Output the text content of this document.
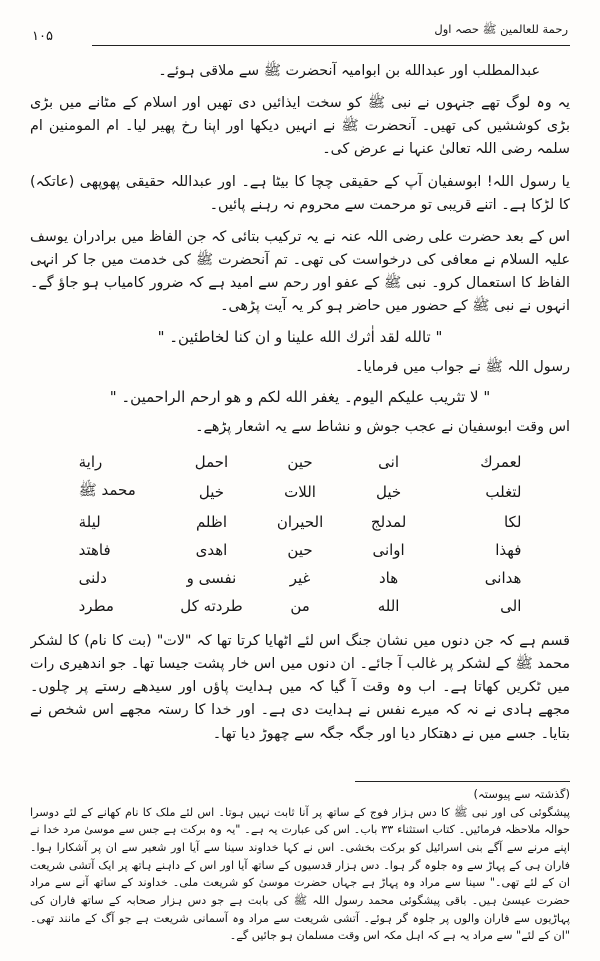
رحمة للعالمين ﷺ حصہ اول
۱۰۵

عبدالمطلب اور عبدالله بن ابوامیہ آنحضرت ﷺ سے ملاقی ہوئے۔

یہ وہ لوگ تھے جنہوں نے نبی ﷺ کو سخت ایذائیں دی تھیں اور اسلام کے مٹانے میں بڑی بڑی کوششیں کی تھیں۔ آنحضرت ﷺ نے انہیں دیکھا اور اپنا رخ پھیر لیا۔ ام المومنین ام سلمہ رضی اللہ تعالیٰ عنہا نے عرض کی۔

یا رسول اللہ! ابوسفیان آپ کے حقیقی چچا کا بیٹا ہے۔ اور عبداللہ حقیقی پھوپھی (عاتکہ) کا لڑکا ہے۔ اتنے قریبی تو مرحمت سے محروم نہ رہنے پائیں۔

اس کے بعد حضرت علی رضی اللہ عنہ نے یہ ترکیب بتائی کہ جن الفاظ میں برادران یوسف علیہ السلام نے معافی کی درخواست کی تھی۔ تم آنحضرت ﷺ کی خدمت میں جا کر انہی الفاظ کا استعمال کرو۔ نبی ﷺ کے عفو اور رحم سے امید ہے کہ ضرور کامیاب ہو جاؤ گے۔ انہوں نے نبی ﷺ کے حضور میں حاضر ہو کر یہ آیت پڑھی۔

" تالله لقد اٰثرك الله علينا و ان كنا لخاطئين۔ "

رسول اللہ ﷺ نے جواب میں فرمایا۔

" لا تثريب عليكم اليوم۔ يغفر الله لكم و هو ارحم الراحمين۔ "

اس وقت ابوسفیان نے عجب جوش و نشاط سے یہ اشعار پڑھے۔

لعمرك	انی	حین	احمل	رایة
لتغلب	خیل	اللات	خیل	محمد ﷺ
لكا	لمدلج	الحيران	اظلم	لیلة
فهذا	اوانی	حین	اهدی	فاهتد
هدانی	هاد	غیر	نفسی و	دلنی
الی	الله	من	طردته كل	مطرد

قسم ہے کہ جن دنوں میں نشان جنگ اس لئے اٹھایا کرتا تھا کہ "لات" (بت کا نام) کا لشکر محمد ﷺ کے لشکر پر غالب آ جائے۔ ان دنوں میں اس خار پشت جیسا تھا۔ جو اندھیری رات میں ٹکریں کھاتا ہے۔ اب وہ وقت آ گیا کہ میں ہدایت پاؤں اور سیدھے رستے پر چلوں۔ مجھے ہادی نے نہ کہ میرے نفس نے ہدایت دی ہے۔ اور خدا کا رستہ مجھے اس شخص نے بتایا۔ جسے میں نے دھتکار دیا اور جگہ جگہ سے چھوڑ دیا تھا۔

(گذشتہ سے پیوستہ)

پیشگوئی کی اور نبی ﷺ کا دس ہزار فوج کے ساتھ پر آنا ثابت نہیں ہوتا۔ اس لئے ملک کا نام کھانے کے لئے دوسرا حوالہ ملاحظہ فرمائیں۔ کتاب استثناء ۳۳ باب۔ اس کی عبارت یہ ہے۔ "یہ وہ برکت ہے جس سے موسیٰ مرد خدا نے اپنے مرنے سے آگے بنی اسرائیل کو برکت بخشی۔ اس نے کہا خداوند سینا سے آیا اور شعیر سے ان پر آشکارا ہوا۔ فاران ہی کے پہاڑ سے وہ جلوہ گر ہوا۔ دس ہزار قدسیوں کے ساتھ آیا اور اس کے داہنے ہاتھ پر ایک آتشی شریعت ان کے لئے تھی۔" سینا سے مراد وہ پہاڑ ہے جہاں حضرت موسیٰ کو شریعت ملی۔ خداوند کے ساتھ آنے سے مراد حضرت عیسیٰ ہیں۔ باقی پیشگوئی محمد رسول اللہ ﷺ کی بابت ہے جو دس ہزار صحابہ کے ساتھ فاران کی پہاڑیوں سے فاران والوں پر جلوہ گر ہوئے۔ آتشی شریعت سے مراد وہ آسمانی شریعت ہے جو آگ کے مانند تھی۔ "ان کے لئے" سے مراد یہ ہے کہ اہل مکہ اس وقت مسلمان ہو جائیں گے۔
